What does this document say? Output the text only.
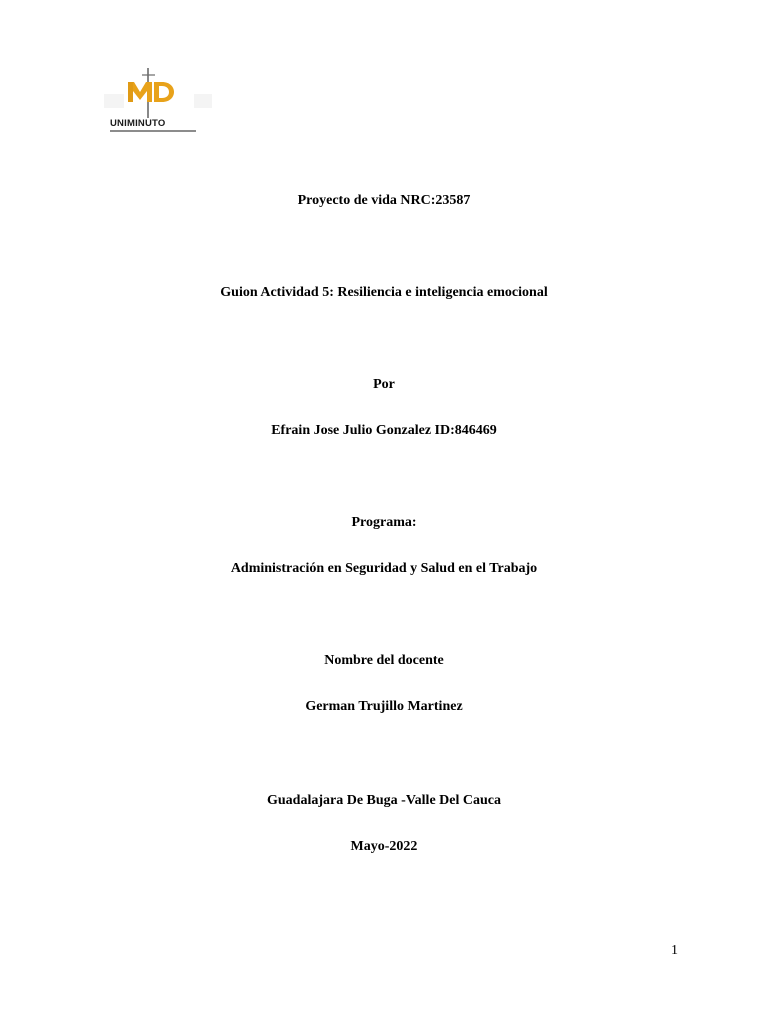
UNIMINUTO
Proyecto de vida NRC:23587
Guion Actividad 5: Resiliencia e inteligencia emocional
Por
Efrain Jose Julio Gonzalez ID:846469
Programa:
Administración en Seguridad y Salud en el Trabajo
Nombre del docente
German Trujillo Martinez
Guadalajara De Buga -Valle Del Cauca
Mayo-2022
1
